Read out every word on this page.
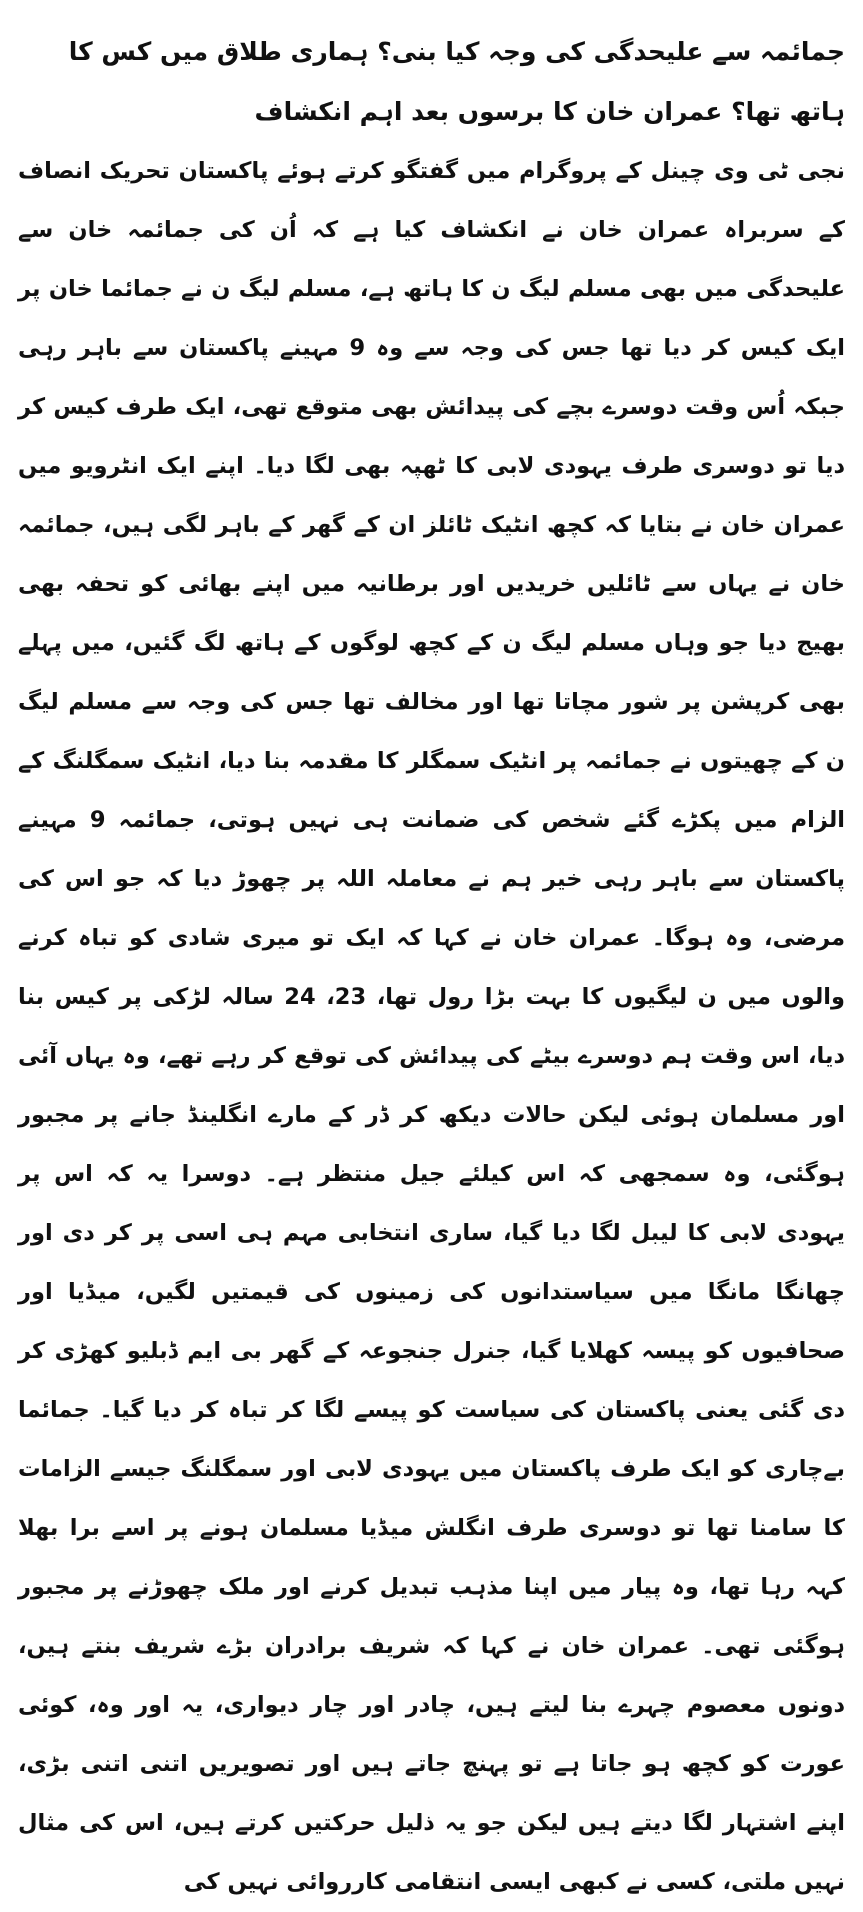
جمائمہ سے علیحدگی کی وجہ کیا بنی؟ ہماری طلاق میں کس کا ہاتھ تھا؟ عمران خان کا برسوں بعد اہم انکشاف

نجی ٹی وی چینل کے پروگرام میں گفتگو کرتے ہوئے پاکستان تحریک انصاف کے سربراہ عمران خان نے انکشاف کیا ہے کہ اُن کی جمائمہ خان سے علیحدگی میں بھی مسلم لیگ ن کا ہاتھ ہے، مسلم لیگ ن نے جمائما خان پر ایک کیس کر دیا تھا جس کی وجہ سے وہ 9 مہینے پاکستان سے باہر رہی جبکہ اُس وقت دوسرے بچے کی پیدائش بھی متوقع تھی، ایک طرف کیس کر دیا تو دوسری طرف یہودی لابی کا ٹھپہ بھی لگا دیا۔ اپنے ایک انٹرویو میں عمران خان نے بتایا کہ کچھ انٹیک ٹائلز ان کے گھر کے باہر لگی ہیں، جمائمہ خان نے یہاں سے ٹائلیں خریدیں اور برطانیہ میں اپنے بھائی کو تحفہ بھی بھیج دیا جو وہاں مسلم لیگ ن کے کچھ لوگوں کے ہاتھ لگ گئیں، میں پہلے بھی کرپشن پر شور مچاتا تھا اور مخالف تھا جس کی وجہ سے مسلم لیگ ن کے چھیتوں نے جمائمہ پر انٹیک سمگلر کا مقدمہ بنا دیا، انٹیک سمگلنگ کے الزام میں پکڑے گئے شخص کی ضمانت ہی نہیں ہوتی، جمائمہ 9 مہینے پاکستان سے باہر رہی خیر ہم نے معاملہ اللہ پر چھوڑ دیا کہ جو اس کی مرضی، وہ ہوگا۔ عمران خان نے کہا کہ ایک تو میری شادی کو تباہ کرنے والوں میں ن لیگیوں کا بہت بڑا رول تھا، 23، 24 سالہ لڑکی پر کیس بنا دیا، اس وقت ہم دوسرے بیٹے کی پیدائش کی توقع کر رہے تھے، وہ یہاں آئی اور مسلمان ہوئی لیکن حالات دیکھ کر ڈر کے مارے انگلینڈ جانے پر مجبور ہوگئی، وہ سمجھی کہ اس کیلئے جیل منتظر ہے۔ دوسرا یہ کہ اس پر یہودی لابی کا لیبل لگا دیا گیا، ساری انتخابی مہم ہی اسی پر کر دی اور چھانگا مانگا میں سیاستدانوں کی زمینوں کی قیمتیں لگیں، میڈیا اور صحافیوں کو پیسہ کھلایا گیا، جنرل جنجوعہ کے گھر بی ایم ڈبلیو کھڑی کر دی گئی یعنی پاکستان کی سیاست کو پیسے لگا کر تباہ کر دیا گیا۔ جمائما بےچاری کو ایک طرف پاکستان میں یہودی لابی اور سمگلنگ جیسے الزامات کا سامنا تھا تو دوسری طرف انگلش میڈیا مسلمان ہونے پر اسے برا بھلا کہہ رہا تھا، وہ پیار میں اپنا مذہب تبدیل کرنے اور ملک چھوڑنے پر مجبور ہوگئی تھی۔ عمران خان نے کہا کہ شریف برادران بڑے شریف بنتے ہیں، دونوں معصوم چہرے بنا لیتے ہیں، چادر اور چار دیواری، یہ اور وہ، کوئی عورت کو کچھ ہو جاتا ہے تو پہنچ جاتے ہیں اور تصویریں اتنی اتنی بڑی، اپنے اشتہار لگا دیتے ہیں لیکن جو یہ ذلیل حرکتیں کرتے ہیں، اس کی مثال نہیں ملتی، کسی نے کبھی ایسی انتقامی کارروائی نہیں کی
